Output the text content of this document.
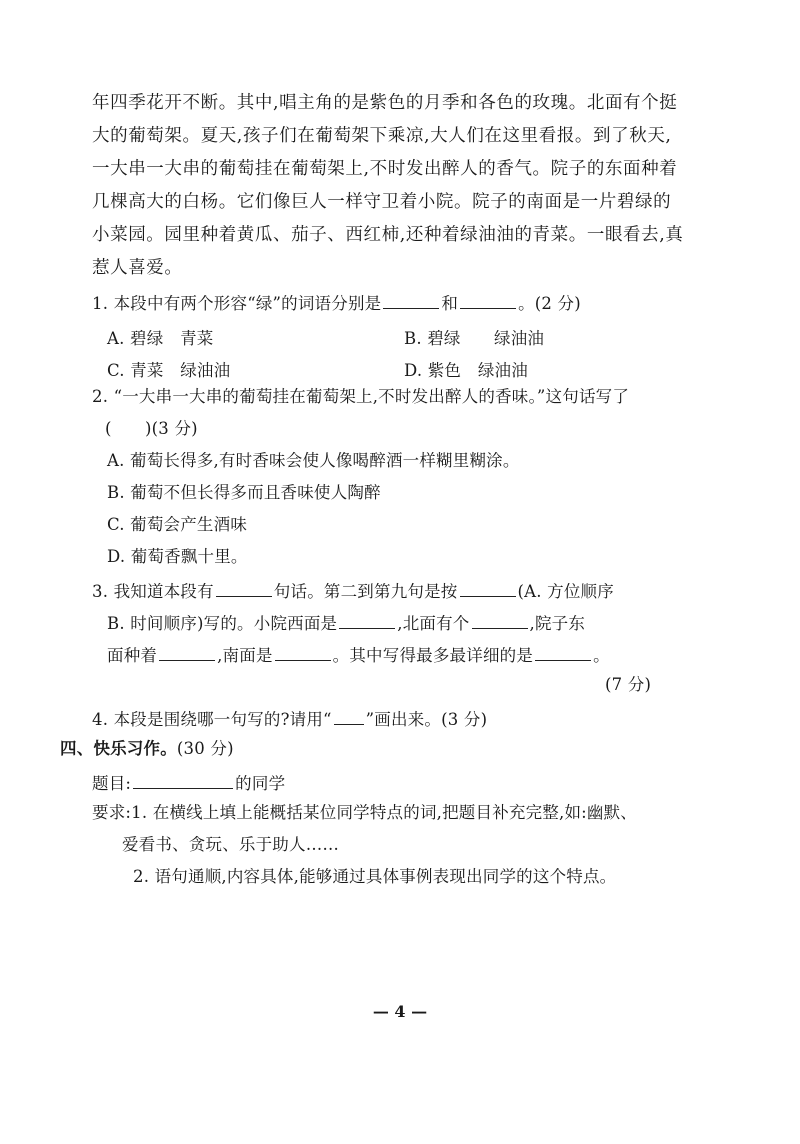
年四季花开不断。其中,唱主角的是紫色的月季和各色的玫瑰。北面有个挺
大的葡萄架。夏天,孩子们在葡萄架下乘凉,大人们在这里看报。到了秋天,
一大串一大串的葡萄挂在葡萄架上,不时发出醉人的香气。院子的东面种着
几棵高大的白杨。它们像巨人一样守卫着小院。院子的南面是一片碧绿的
小菜园。园里种着黄瓜、茄子、西红柿,还种着绿油油的青菜。一眼看去,真
惹人喜爱。
1. 本段中有两个形容“绿”的词语分别是	和	。(2 分)
A. 碧绿　青菜	B. 碧绿　　绿油油
C. 青菜　绿油油	D. 紫色　绿油油
2. “一大串一大串的葡萄挂在葡萄架上,不时发出醉人的香味。”这句话写了
(　　)(3 分)
A. 葡萄长得多,有时香味会使人像喝醉酒一样糊里糊涂。
B. 葡萄不但长得多而且香味使人陶醉
C. 葡萄会产生酒味
D. 葡萄香飘十里。
3. 我知道本段有	句话。第二到第九句是按	(A. 方位顺序
B. 时间顺序)写的。小院西面是	,北面有个	,院子东
面种着	,南面是	。其中写得最多最详细的是	。
(7 分)
4. 本段是围绕哪一句写的?请用“ ”画出来。(3 分)
四、快乐习作。(30 分)
题目:	的同学
要求:1. 在横线上填上能概括某位同学特点的词,把题目补充完整,如:幽默、
爱看书、贪玩、乐于助人……
2. 语句通顺,内容具体,能够通过具体事例表现出同学的这个特点。
— 4 —
